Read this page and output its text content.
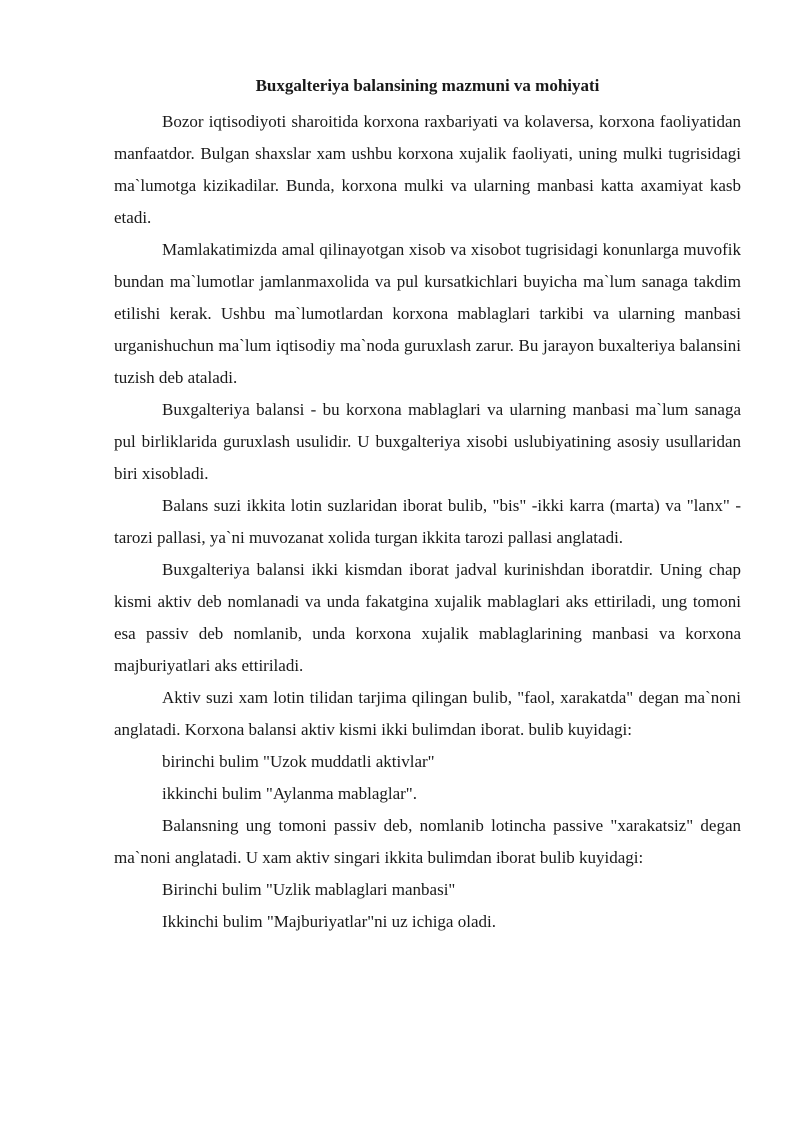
Buxgalteriya balansining mazmuni va mohiyati

Bozor iqtisodiyoti sharoitida korxona raxbariyati va kolaversa, korxona faoliyatidan manfaatdor. Bulgan shaxslar xam ushbu korxona xujalik faoliyati, uning mulki tugrisidagi ma`lumotga kizikadilar. Bunda, korxona mulki va ularning manbasi katta axamiyat kasb etadi.

Mamlakatimizda amal qilinayotgan xisob va xisobot tugrisidagi konunlarga muvofik bundan ma`lumotlar jamlanmaxolida va pul kursatkichlari buyicha ma`lum sanaga takdim etilishi kerak. Ushbu ma`lumotlardan korxona mablaglari tarkibi va ularning manbasi urganishuchun ma`lum iqtisodiy ma`noda guruxlash zarur. Bu jarayon buxalteriya balansini tuzish deb ataladi.

Buxgalteriya balansi - bu korxona mablaglari va ularning manbasi ma`lum sanaga pul birliklarida guruxlash usulidir. U buxgalteriya xisobi uslubiyatining asosiy usullaridan biri xisobladi.

Balans suzi ikkita lotin suzlaridan iborat bulib, "bis" -ikki karra (marta) va "lanx" -tarozi pallasi, ya`ni muvozanat xolida turgan ikkita tarozi pallasi anglatadi.

Buxgalteriya balansi ikki kismdan iborat jadval kurinishdan iboratdir. Uning chap kismi aktiv deb nomlanadi va unda fakatgina xujalik mablaglari aks ettiriladi, ung tomoni esa passiv deb nomlanib, unda korxona xujalik mablaglarining manbasi va korxona majburiyatlari aks ettiriladi.

Aktiv suzi xam lotin tilidan tarjima qilingan bulib, "faol, xarakatda" degan ma`noni anglatadi. Korxona balansi aktiv kismi ikki bulimdan iborat. bulib kuyidagi:

birinchi bulim "Uzok muddatli aktivlar"

ikkinchi bulim "Aylanma mablaglar".

Balansning ung tomoni passiv deb, nomlanib lotincha passive "xarakatsiz" degan ma`noni anglatadi. U xam aktiv singari ikkita bulimdan iborat bulib kuyidagi:

Birinchi bulim "Uzlik mablaglari manbasi"

Ikkinchi bulim "Majburiyatlar"ni uz ichiga oladi.
